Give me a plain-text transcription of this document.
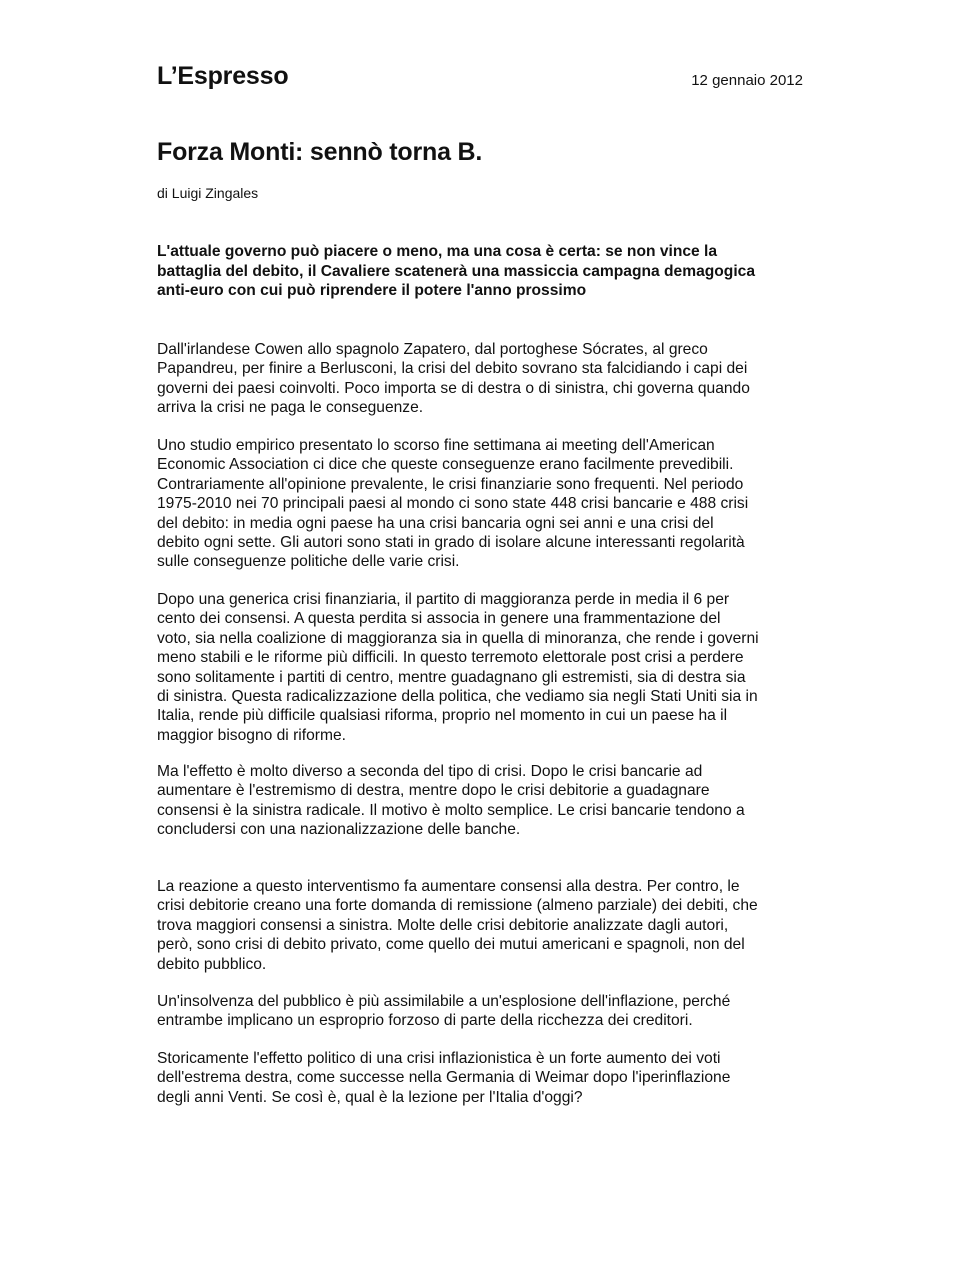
L’Espresso	12 gennaio 2012
Forza Monti: sennò torna B.
di Luigi Zingales
L'attuale governo può piacere o meno, ma una cosa è certa: se non vince la
battaglia del debito, il Cavaliere scatenerà una massiccia campagna demagogica
anti-euro con cui può riprendere il potere l'anno prossimo
Dall'irlandese Cowen allo spagnolo Zapatero, dal portoghese Sócrates, al greco
Papandreu, per finire a Berlusconi, la crisi del debito sovrano sta falcidiando i capi dei
governi dei paesi coinvolti. Poco importa se di destra o di sinistra, chi governa quando
arriva la crisi ne paga le conseguenze.
Uno studio empirico presentato lo scorso fine settimana ai meeting dell'American
Economic Association ci dice che queste conseguenze erano facilmente prevedibili.
Contrariamente all'opinione prevalente, le crisi finanziarie sono frequenti. Nel periodo
1975-2010 nei 70 principali paesi al mondo ci sono state 448 crisi bancarie e 488 crisi
del debito: in media ogni paese ha una crisi bancaria ogni sei anni e una crisi del
debito ogni sette. Gli autori sono stati in grado di isolare alcune interessanti regolarità
sulle conseguenze politiche delle varie crisi.
Dopo una generica crisi finanziaria, il partito di maggioranza perde in media il 6 per
cento dei consensi. A questa perdita si associa in genere una frammentazione del
voto, sia nella coalizione di maggioranza sia in quella di minoranza, che rende i governi
meno stabili e le riforme più difficili. In questo terremoto elettorale post crisi a perdere
sono solitamente i partiti di centro, mentre guadagnano gli estremisti, sia di destra sia
di sinistra. Questa radicalizzazione della politica, che vediamo sia negli Stati Uniti sia in
Italia, rende più difficile qualsiasi riforma, proprio nel momento in cui un paese ha il
maggior bisogno di riforme.
Ma l'effetto è molto diverso a seconda del tipo di crisi. Dopo le crisi bancarie ad
aumentare è l'estremismo di destra, mentre dopo le crisi debitorie a guadagnare
consensi è la sinistra radicale. Il motivo è molto semplice. Le crisi bancarie tendono a
concludersi con una nazionalizzazione delle banche.
La reazione a questo interventismo fa aumentare consensi alla destra. Per contro, le
crisi debitorie creano una forte domanda di remissione (almeno parziale) dei debiti, che
trova maggiori consensi a sinistra. Molte delle crisi debitorie analizzate dagli autori,
però, sono crisi di debito privato, come quello dei mutui americani e spagnoli, non del
debito pubblico.
Un'insolvenza del pubblico è più assimilabile a un'esplosione dell'inflazione, perché
entrambe implicano un esproprio forzoso di parte della ricchezza dei creditori.
Storicamente l'effetto politico di una crisi inflazionistica è un forte aumento dei voti
dell'estrema destra, come successe nella Germania di Weimar dopo l'iperinflazione
degli anni Venti. Se così è, qual è la lezione per l'Italia d'oggi?
